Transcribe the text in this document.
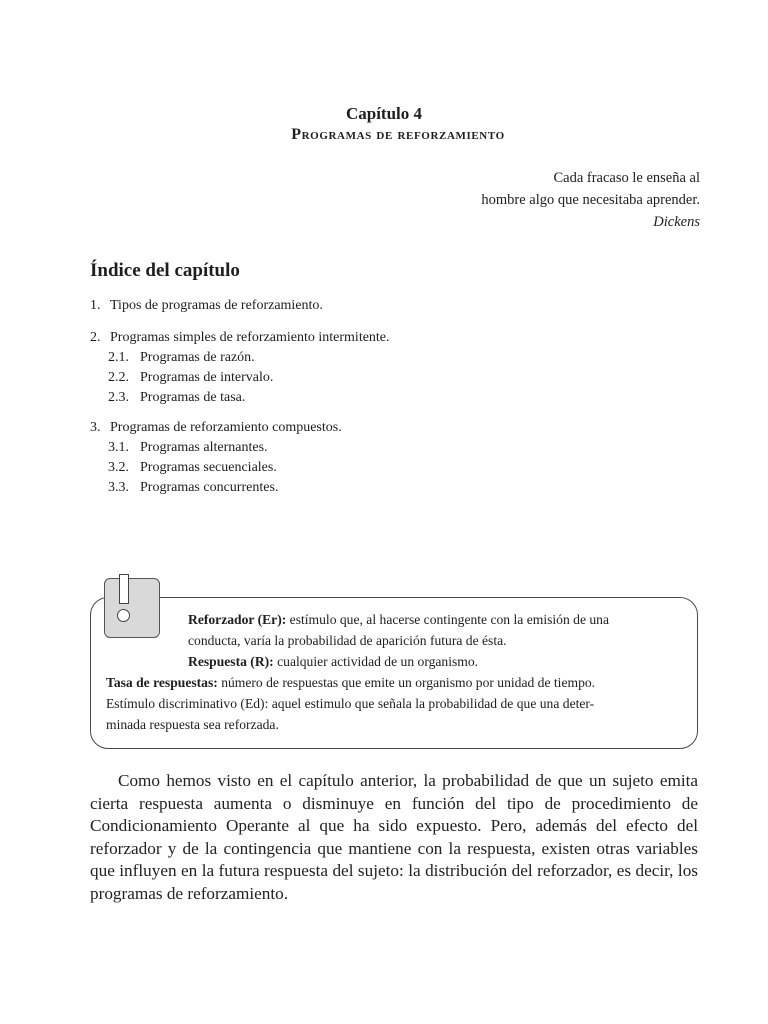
Capítulo 4
Programas de reforzamiento
Cada fracaso le enseña al
hombre algo que necesitaba aprender.
Dickens
Índice del capítulo
1. Tipos de programas de reforzamiento.
2. Programas simples de reforzamiento intermitente.
2.1. Programas de razón.
2.2. Programas de intervalo.
2.3. Programas de tasa.
3. Programas de reforzamiento compuestos.
3.1. Programas alternantes.
3.2. Programas secuenciales.
3.3. Programas concurrentes.
Reforzador (Er): estímulo que, al hacerse contingente con la emisión de una
conducta, varía la probabilidad de aparición futura de ésta.
Respuesta (R): cualquier actividad de un organismo.
Tasa de respuestas: número de respuestas que emite un organismo por unidad de tiempo.
Estímulo discriminativo (Ed): aquel estimulo que señala la probabilidad de que una deter-
minada respuesta sea reforzada.
Como hemos visto en el capítulo anterior, la probabilidad de que un sujeto emita cierta respuesta aumenta o disminuye en función del tipo de procedimiento de Condicionamiento Operante al que ha sido expuesto. Pero, además del efecto del reforzador y de la contingencia que mantiene con la respuesta, existen otras variables que influyen en la futura respuesta del sujeto: la distribución del reforzador, es decir, los programas de reforzamiento.
